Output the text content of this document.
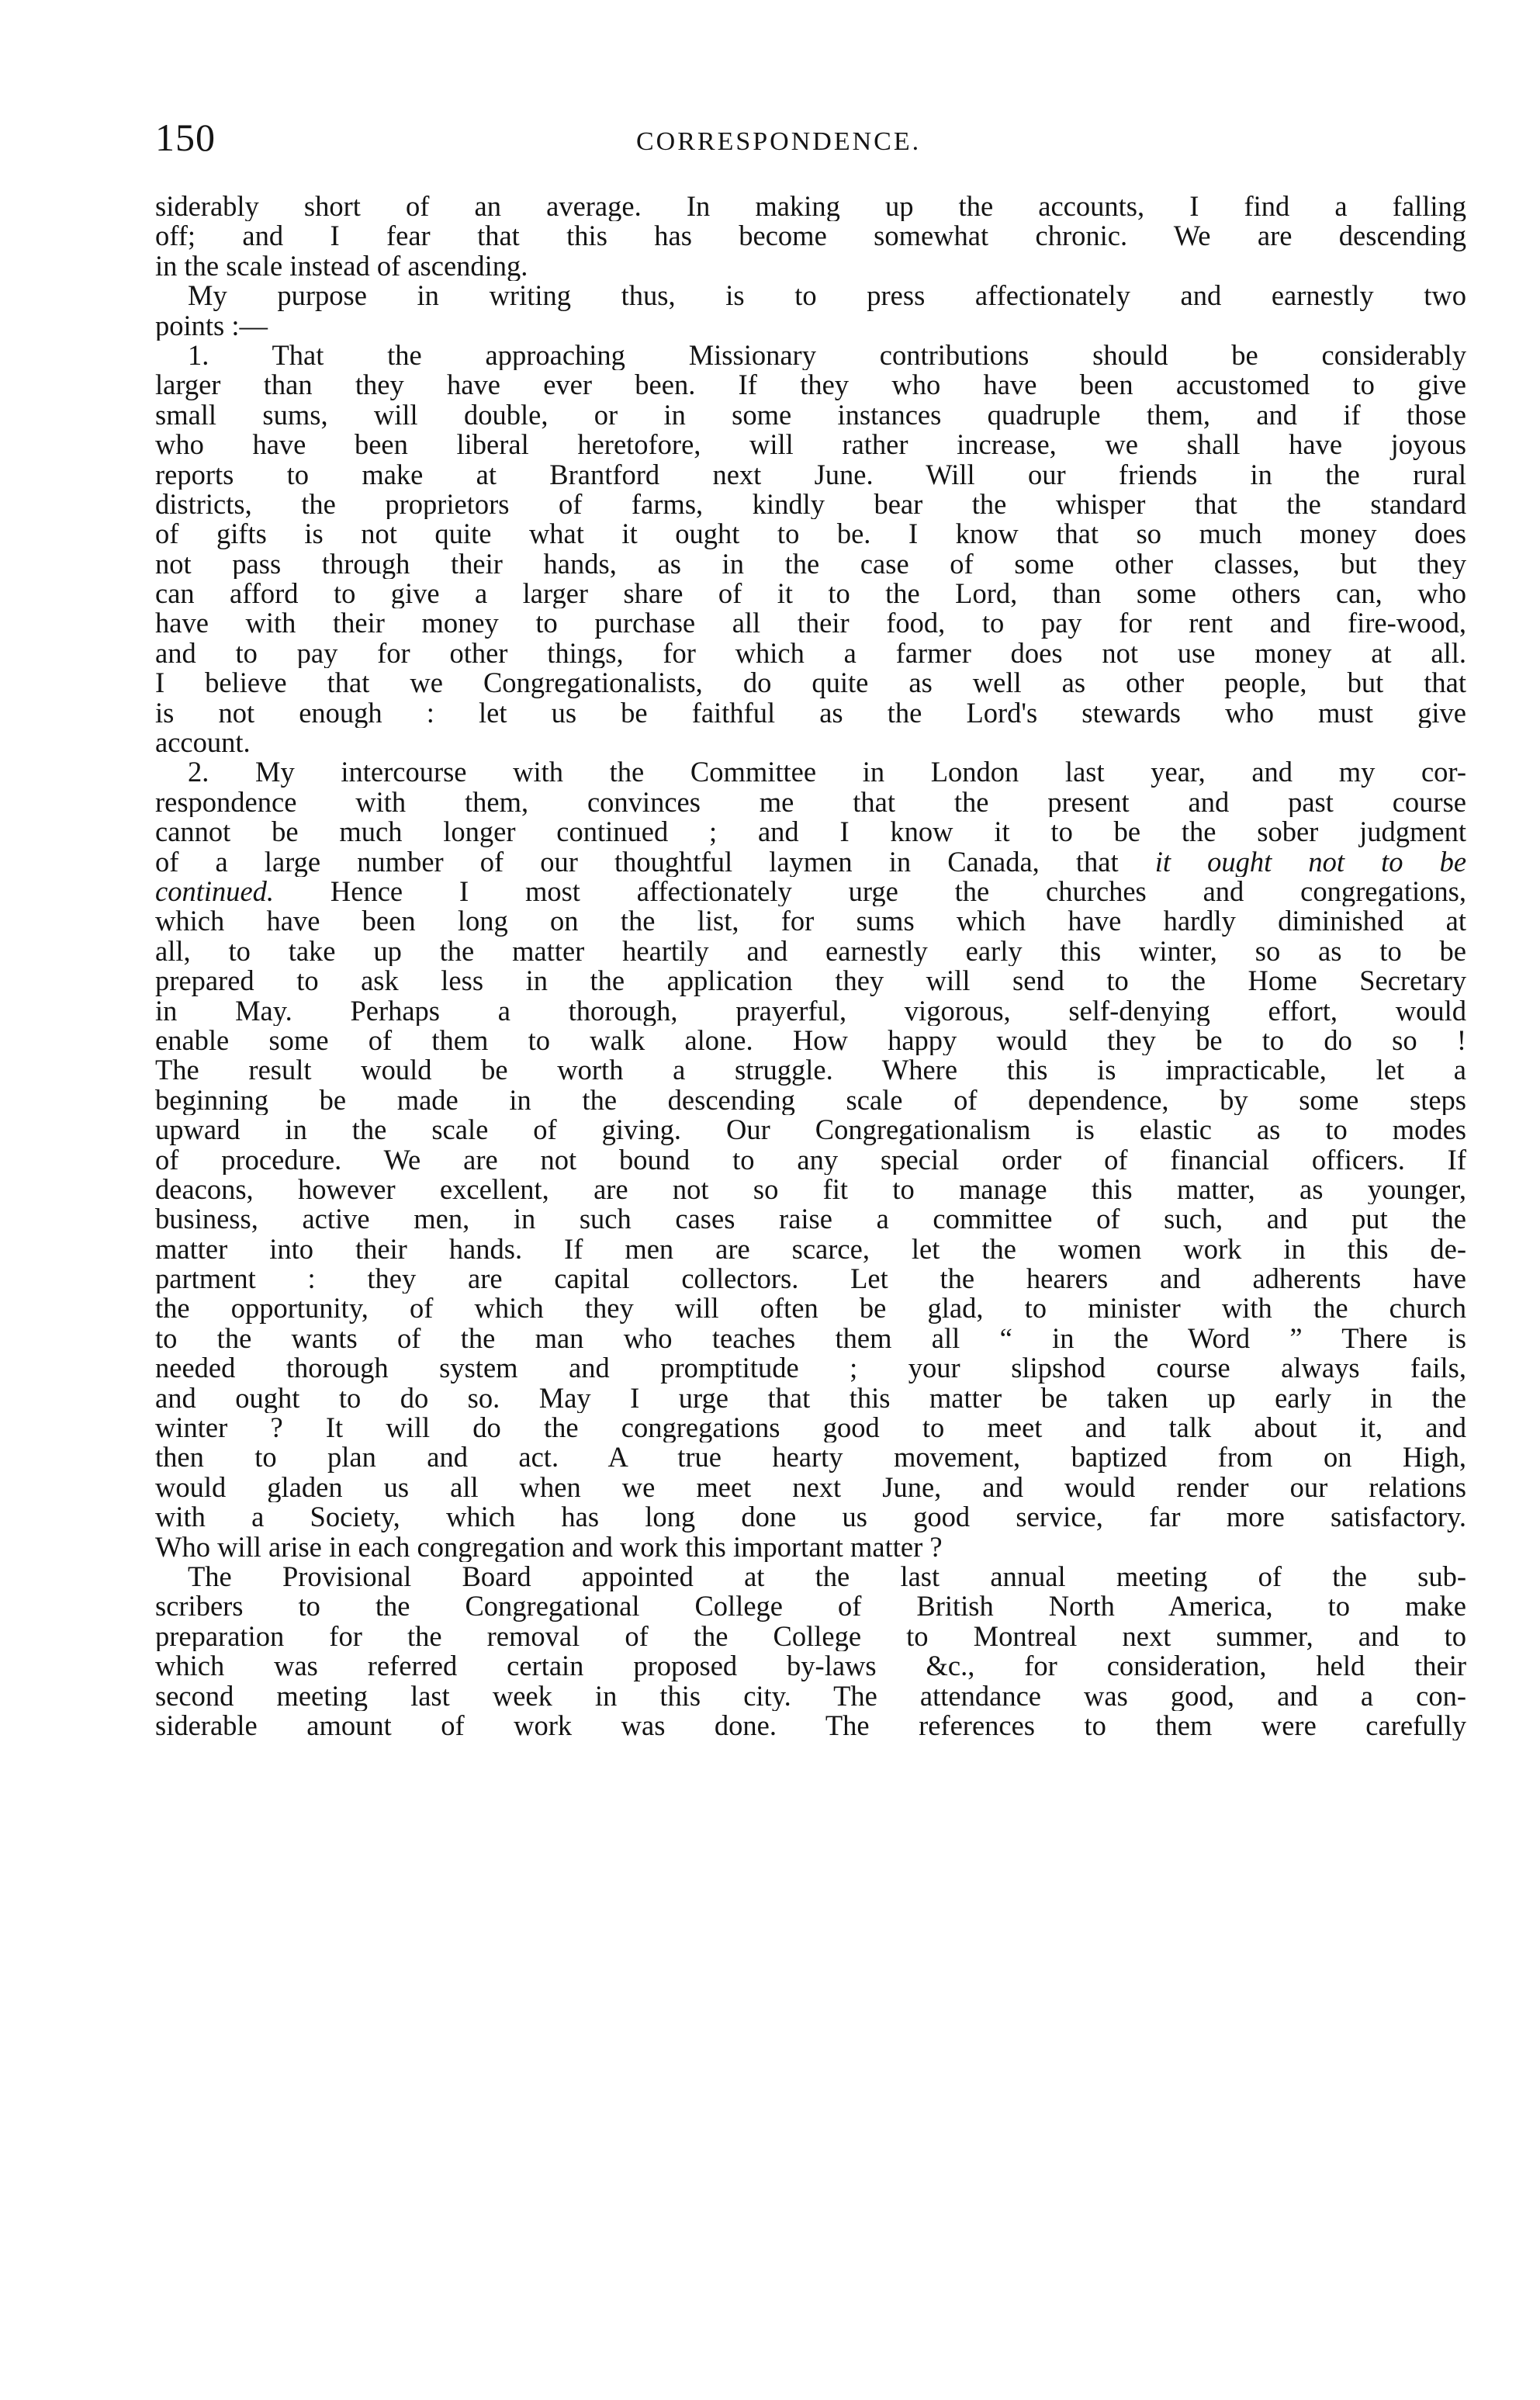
150	CORRESPONDENCE.
siderably short of an average. In making up the accounts, I find a falling
off; and I fear that this has become somewhat chronic. We are descending
in the scale instead of ascending.
My purpose in writing thus, is to press affectionately and earnestly two
points :—
1. That the approaching Missionary contributions should be considerably
larger than they have ever been. If they who have been accustomed to give
small sums, will double, or in some instances quadruple them, and if those
who have been liberal heretofore, will rather increase, we shall have joyous
reports to make at Brantford next June. Will our friends in the rural
districts, the proprietors of farms, kindly bear the whisper that the standard
of gifts is not quite what it ought to be. I know that so much money does
not pass through their hands, as in the case of some other classes, but they
can afford to give a larger share of it to the Lord, than some others can, who
have with their money to purchase all their food, to pay for rent and fire-wood,
and to pay for other things, for which a farmer does not use money at all.
I believe that we Congregationalists, do quite as well as other people, but that
is not enough : let us be faithful as the Lord's stewards who must give
account.
2. My intercourse with the Committee in London last year, and my cor-
respondence with them, convinces me that the present and past course
cannot be much longer continued ; and I know it to be the sober judgment
of a large number of our thoughtful laymen in Canada, that it ought not to be
continued. Hence I most affectionately urge the churches and congregations,
which have been long on the list, for sums which have hardly diminished at
all, to take up the matter heartily and earnestly early this winter, so as to be
prepared to ask less in the application they will send to the Home Secretary
in May. Perhaps a thorough, prayerful, vigorous, self-denying effort, would
enable some of them to walk alone. How happy would they be to do so !
The result would be worth a struggle. Where this is impracticable, let a
beginning be made in the descending scale of dependence, by some steps
upward in the scale of giving. Our Congregationalism is elastic as to modes
of procedure. We are not bound to any special order of financial officers. If
deacons, however excellent, are not so fit to manage this matter, as younger,
business, active men, in such cases raise a committee of such, and put the
matter into their hands. If men are scarce, let the women work in this de-
partment : they are capital collectors. Let the hearers and adherents have
the opportunity, of which they will often be glad, to minister with the church
to the wants of the man who teaches them all “ in the Word ” There is
needed thorough system and promptitude ; your slipshod course always fails,
and ought to do so. May I urge that this matter be taken up early in the
winter ? It will do the congregations good to meet and talk about it, and
then to plan and act. A true hearty movement, baptized from on High,
would gladen us all when we meet next June, and would render our relations
with a Society, which has long done us good service, far more satisfactory.
Who will arise in each congregation and work this important matter ?
The Provisional Board appointed at the last annual meeting of the sub-
scribers to the Congregational College of British North America, to make
preparation for the removal of the College to Montreal next summer, and to
which was referred certain proposed by-laws &c., for consideration, held their
second meeting last week in this city. The attendance was good, and a con-
siderable amount of work was done. The references to them were carefully
